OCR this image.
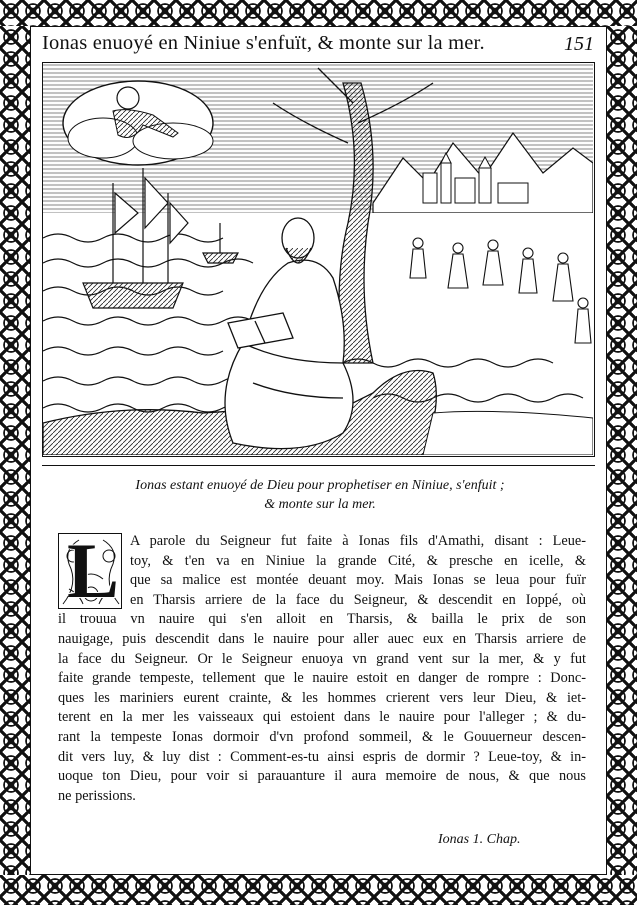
Ionas enuoyé en Niniue s'enfuït, & monte sur la mer.	151
Ionas estant enuoyé de Dieu pour prophetiser en Niniue, s'enfuit ;
& monte sur la mer.
L A parole du Seigneur fut faite à Ionas fils d'Amathi, disant : Leue-
toy, & t'en va en Niniue la grande Cité, & presche en icelle, &
que sa malice est montée deuant moy. Mais Ionas se leua pour fuïr
en Tharsis arriere de la face du Seigneur, & descendit en Ioppé, où
il trouua vn nauire qui s'en alloit en Tharsis, & bailla le prix de son
nauigage, puis descendit dans le nauire pour aller auec eux en Tharsis arriere de
la face du Seigneur. Or le Seigneur enuoya vn grand vent sur la mer, & y fut
faite grande tempeste, tellement que le nauire estoit en danger de rompre : Donc-
ques les mariniers eurent crainte, & les hommes crierent vers leur Dieu, & iet-
terent en la mer les vaisseaux qui estoient dans le nauire pour l'alleger ; & du-
rant la tempeste Ionas dormoir d'vn profond sommeil, & le Gouuerneur descen-
dit vers luy, & luy dist : Comment-es-tu ainsi espris de dormir ? Leue-toy, & in-
uoque ton Dieu, pour voir si parauanture il aura memoire de nous, & que nous
ne perissions.
Ionas 1. Chap.
